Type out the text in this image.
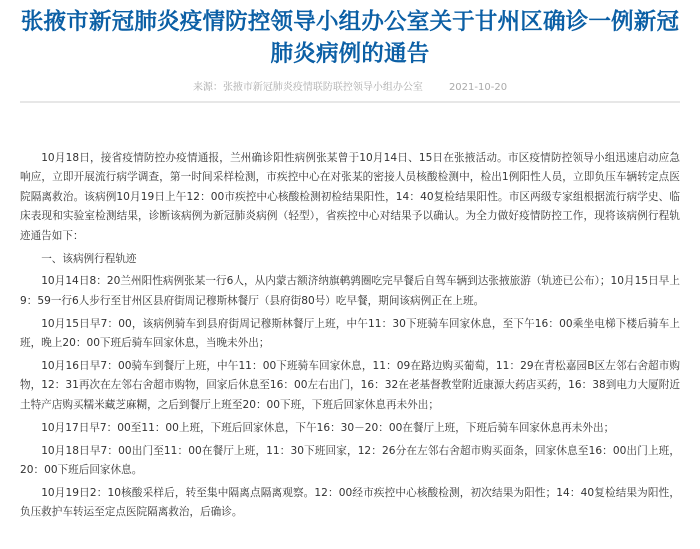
张掖市新冠肺炎疫情防控领导小组办公室关于甘州区确诊一例新冠肺炎病例的通告
来源：张掖市新冠肺炎疫情联防联控领导小组办公室	2021-10-20

10月18日，接省疫情防控办疫情通报，兰州确诊阳性病例张某曾于10月14日、15日在张掖活动。市区疫情防控领导小组迅速启动应急响应，立即开展流行病学调查，第一时间采样检测，市疾控中心在对张某的密接人员核酸检测中，检出1例阳性人员，立即负压车辆转定点医院隔离救治。该病例10月19日上午12：00市疾控中心核酸检测初检结果阳性，14：40复检结果阳性。市区两级专家组根据流行病学史、临床表现和实验室检测结果，诊断该病例为新冠肺炎病例（轻型），省疾控中心对结果予以确认。为全力做好疫情防控工作，现将该病例行程轨迹通告如下：

一、该病例行程轨迹

10月14日8：20兰州阳性病例张某一行6人，从内蒙古额济纳旗鹌鹑圈吃完早餐后自驾车辆到达张掖旅游（轨迹已公布）；10月15日早上9：59一行6人步行至甘州区县府街周记穆斯林餐厅（县府街80号）吃早餐，期间该病例正在上班。

10月15日早7：00，该病例骑车到县府街周记穆斯林餐厅上班，中午11：30下班骑车回家休息，至下午16：00乘坐电梯下楼后骑车上班，晚上20：00下班后骑车回家休息，当晚未外出；

10月16日早7：00骑车到餐厅上班，中午11：00下班骑车回家休息，11：09在路边购买葡萄，11：29在青松嘉园B区左邻右舍超市购物，12：31再次在左邻右舍超市购物，回家后休息至16：00左右出门，16：32在老基督教堂附近康源大药店买药，16：38到电力大厦附近土特产店购买糯米藏芝麻糊，之后到餐厅上班至20：00下班，下班后回家休息再未外出；

10月17日早7：00至11：00上班，下班后回家休息，下午16：30－20：00在餐厅上班，下班后骑车回家休息再未外出；

10月18日早7：00出门至11：00在餐厅上班，11：30下班回家，12：26分在左邻右舍超市购买面条，回家休息至16：00出门上班，20：00下班后回家休息。

10月19日2：10核酸采样后，转至集中隔离点隔离观察。12：00经市疾控中心核酸检测，初次结果为阳性；14：40复检结果为阳性，负压救护车转运至定点医院隔离救治，后确诊。
